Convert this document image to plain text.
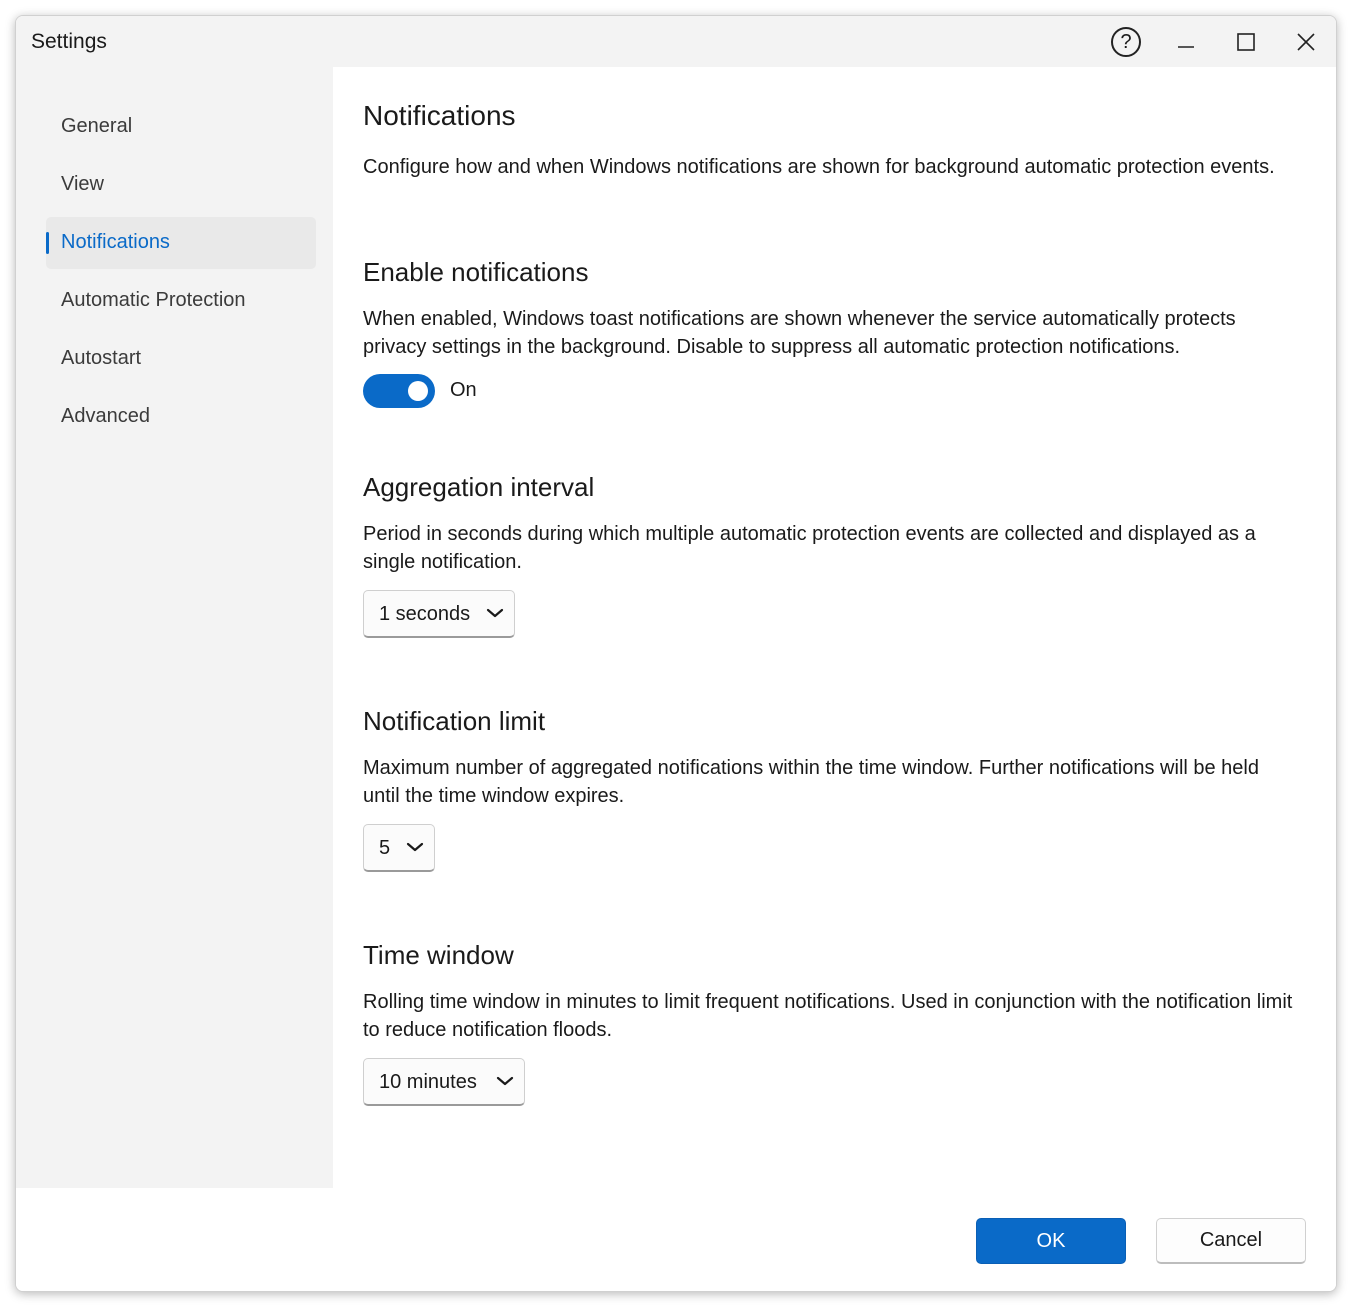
Settings	?
General
View
Notifications
Automatic Protection
Autostart
Advanced
Notifications
Configure how and when Windows notifications are shown for background automatic protection events.
Enable notifications
When enabled, Windows toast notifications are shown whenever the service automatically protects privacy settings in the background. Disable to suppress all automatic protection notifications.
On
Aggregation interval
Period in seconds during which multiple automatic protection events are collected and displayed as a single notification.
1 seconds
Notification limit
Maximum number of aggregated notifications within the time window. Further notifications will be held until the time window expires.
5
Time window
Rolling time window in minutes to limit frequent notifications. Used in conjunction with the notification limit to reduce notification floods.
10 minutes
OK	Cancel
